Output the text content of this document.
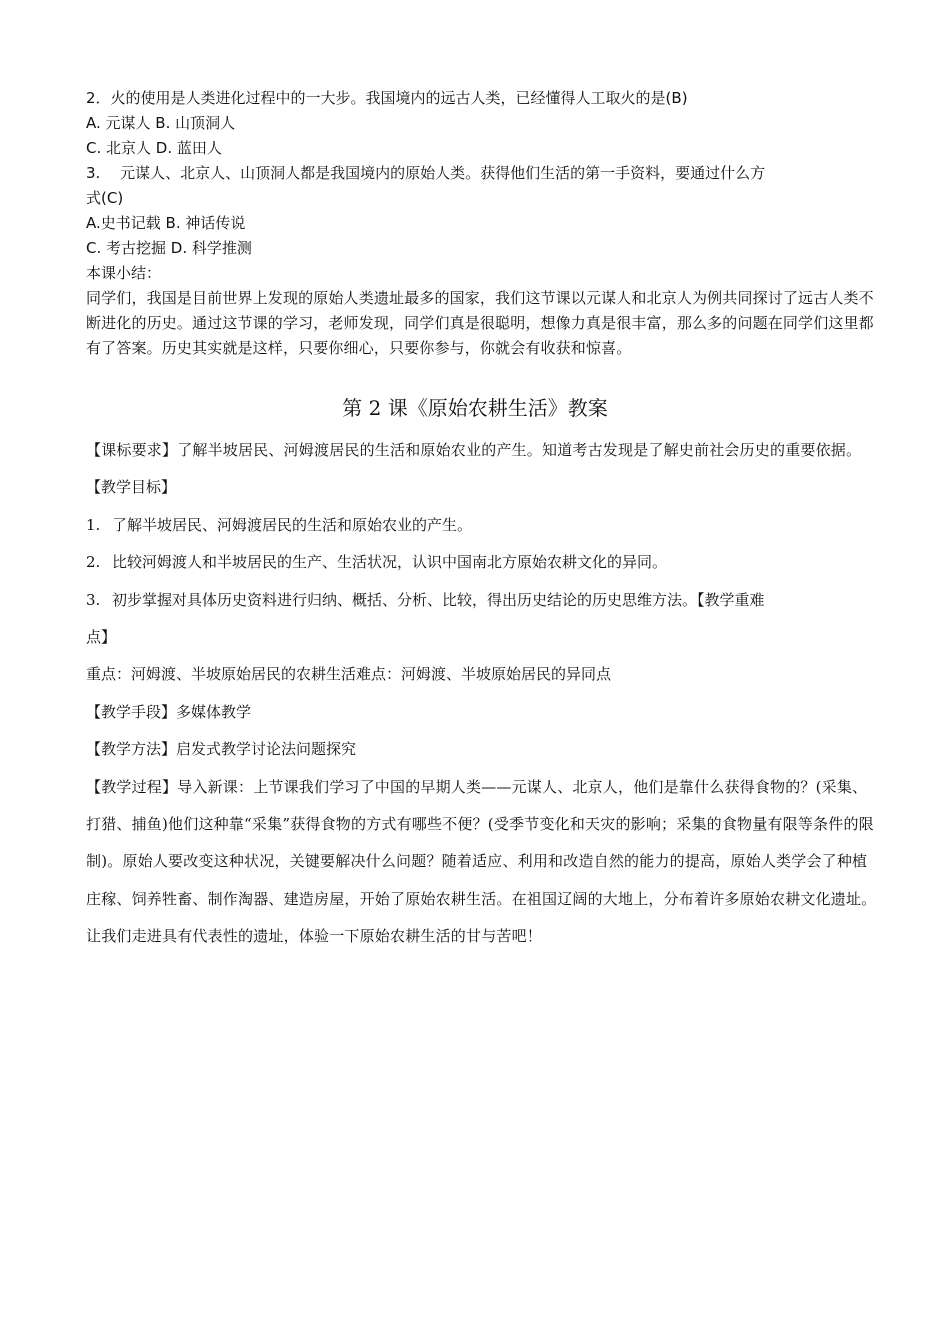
2．火的使用是人类进化过程中的一大步。我国境内的远古人类，已经懂得人工取火的是(B)
A. 元谋人 B. 山顶洞人
C. 北京人 D. 蓝田人
3.　 元谋人、北京人、山顶洞人都是我国境内的原始人类。获得他们生活的第一手资料，要通过什么方
式(C)
A.史书记载 B. 神话传说
C. 考古挖掘 D. 科学推测
本课小结：
同学们，我国是目前世界上发现的原始人类遗址最多的国家，我们这节课以元谋人和北京人为例共同探讨了远古人类不断进化的历史。通过这节课的学习，老师发现，同学们真是很聪明，想像力真是很丰富，那么多的问题在同学们这里都有了答案。历史其实就是这样，只要你细心，只要你参与，你就会有收获和惊喜。
第 2 课《原始农耕生活》教案
【课标要求】了解半坡居民、河姆渡居民的生活和原始农业的产生。知道考古发现是了解史前社会历史的重要依据。
【教学目标】
1. 了解半坡居民、河姆渡居民的生活和原始农业的产生。
2. 比较河姆渡人和半坡居民的生产、生活状况，认识中国南北方原始农耕文化的异同。
3. 初步掌握对具体历史资料进行归纳、概括、分析、比较，得出历史结论的历史思维方法。【教学重难
点】
重点：河姆渡、半坡原始居民的农耕生活难点：河姆渡、半坡原始居民的异同点
【教学手段】多媒体教学
【教学方法】启发式教学讨论法问题探究
【教学过程】导入新课：上节课我们学习了中国的早期人类——元谋人、北京人，他们是靠什么获得食物的？(采集、打猎、捕鱼)他们这种靠“采集”获得食物的方式有哪些不便？(受季节变化和天灾的影响；采集的食物量有限等条件的限制)。原始人要改变这种状况，关键要解决什么问题？随着适应、利用和改造自然的能力的提高，原始人类学会了种植庄稼、饲养牲畜、制作淘器、建造房屋，开始了原始农耕生活。在祖国辽阔的大地上，分布着许多原始农耕文化遗址。让我们走进具有代表性的遗址，体验一下原始农耕生活的甘与苦吧！
